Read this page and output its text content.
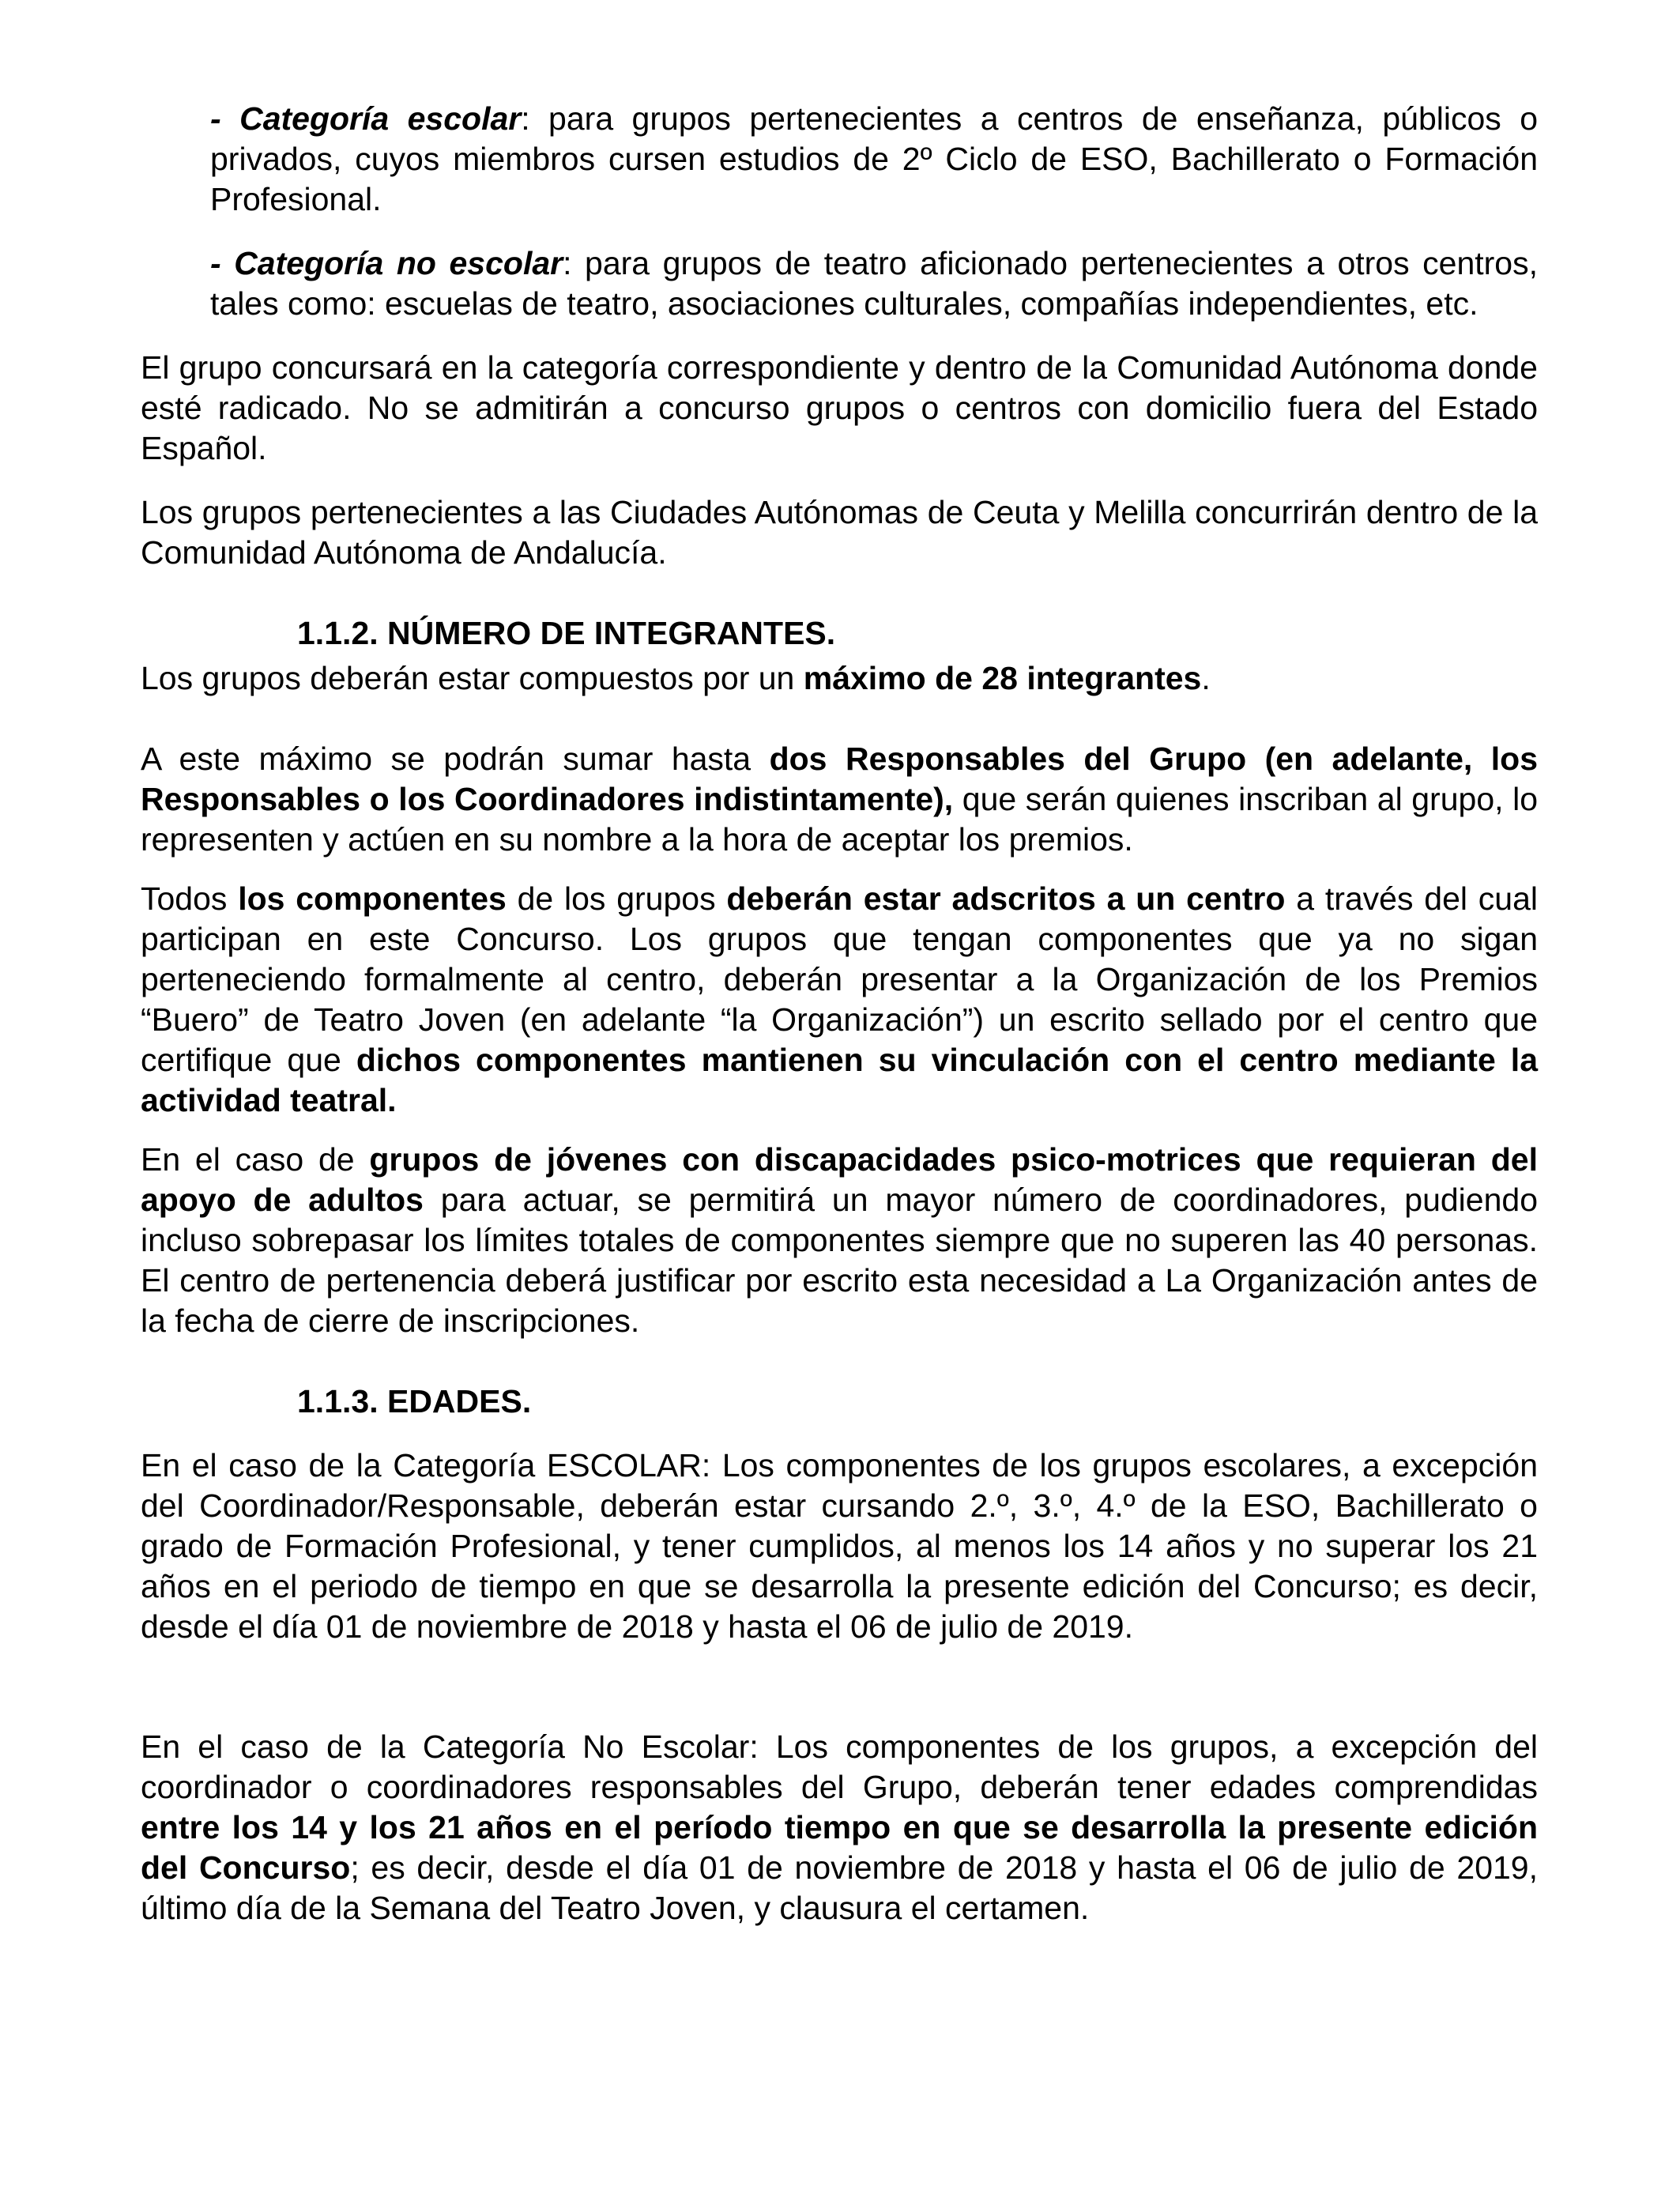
- Categoría escolar: para grupos pertenecientes a centros de enseñanza, públicos o privados, cuyos miembros cursen estudios de 2º Ciclo de ESO, Bachillerato o Formación Profesional.

- Categoría no escolar: para grupos de teatro aficionado pertenecientes a otros centros, tales como: escuelas de teatro, asociaciones culturales, compañías independientes, etc.

El grupo concursará en la categoría correspondiente y dentro de la Comunidad Autónoma donde esté radicado. No se admitirán a concurso grupos o centros con domicilio fuera del Estado Español.

Los grupos pertenecientes a las Ciudades Autónomas de Ceuta y Melilla concurrirán dentro de la Comunidad Autónoma de Andalucía.

1.1.2. NÚMERO DE INTEGRANTES.

Los grupos deberán estar compuestos por un máximo de 28 integrantes.

A este máximo se podrán sumar hasta dos Responsables del Grupo (en adelante, los Responsables o los Coordinadores indistintamente), que serán quienes inscriban al grupo, lo representen y actúen en su nombre a la hora de aceptar los premios.

Todos los componentes de los grupos deberán estar adscritos a un centro a través del cual participan en este Concurso. Los grupos que tengan componentes que ya no sigan perteneciendo formalmente al centro, deberán presentar a la Organización de los Premios “Buero” de Teatro Joven (en adelante “la Organización”) un escrito sellado por el centro que certifique que dichos componentes mantienen su vinculación con el centro mediante la actividad teatral.

En el caso de grupos de jóvenes con discapacidades psico-motrices que requieran del apoyo de adultos para actuar, se permitirá un mayor número de coordinadores, pudiendo incluso sobrepasar los límites totales de componentes siempre que no superen las 40 personas. El centro de pertenencia deberá justificar por escrito esta necesidad a La Organización antes de la fecha de cierre de inscripciones.

1.1.3. EDADES.

En el caso de la Categoría ESCOLAR: Los componentes de los grupos escolares, a excepción del Coordinador/Responsable, deberán estar cursando 2.º, 3.º, 4.º de la ESO, Bachillerato o grado de Formación Profesional, y tener cumplidos, al menos los 14 años y no superar los 21 años en el periodo de tiempo en que se desarrolla la presente edición del Concurso; es decir, desde el día 01 de noviembre de 2018 y hasta el 06 de julio de 2019.

En el caso de la Categoría No Escolar: Los componentes de los grupos, a excepción del coordinador o coordinadores responsables del Grupo, deberán tener edades comprendidas entre los 14 y los 21 años en el período tiempo en que se desarrolla la presente edición del Concurso; es decir, desde el día 01 de noviembre de 2018 y hasta el 06 de julio de 2019, último día de la Semana del Teatro Joven, y clausura el certamen.
